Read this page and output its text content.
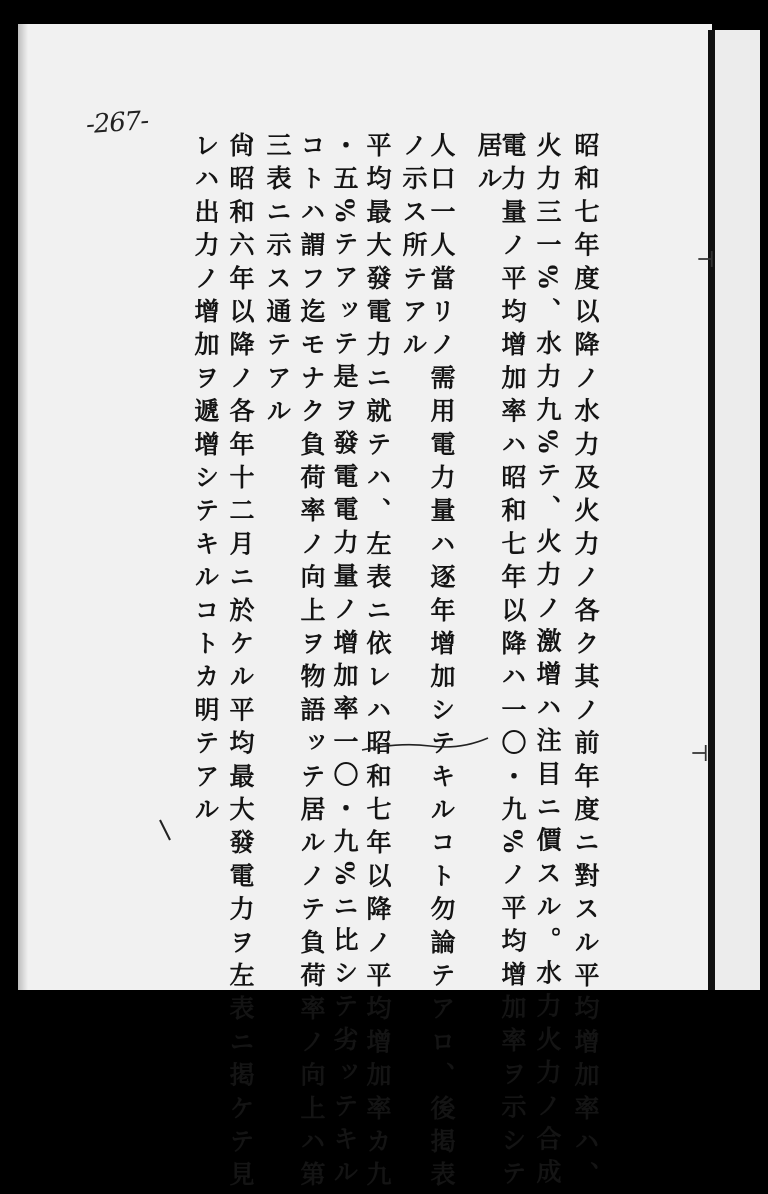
-267-
昭和七年度以降ノ水力及火力ノ各ク其ノ前年度ニ對スル平均增加率ハ、
火力三一%、水力九%テ、火力ノ激增ハ注目ニ價スル。水力火力ノ合成
電力量ノ平均增加率ハ昭和七年以降ハ一〇・九%ノ平均增加率ヲ示シテ
居ル
人口一人當リノ需用電力量ハ逐年增加シテキルコト勿論テアロ、後掲表
ノ示ス所テアル
平均最大發電力ニ就テハ、左表ニ依レハ昭和七年以降ノ平均增加率カ九
・五%テアッテ是ヲ發電電力量ノ增加率一〇・九%ニ比シテ劣ッテキル
コトハ謂フ迄モナク負荷率ノ向上ヲ物語ッテ居ルノテ負荷率ノ向上ハ第
三表ニ示ス通テアル
尙昭和六年以降ノ各年十二月ニ於ケル平均最大發電力ヲ左表ニ掲ケテ見
レハ出力ノ增加ヲ遞增シテキルコトカ明テアル	⊣
⊣
